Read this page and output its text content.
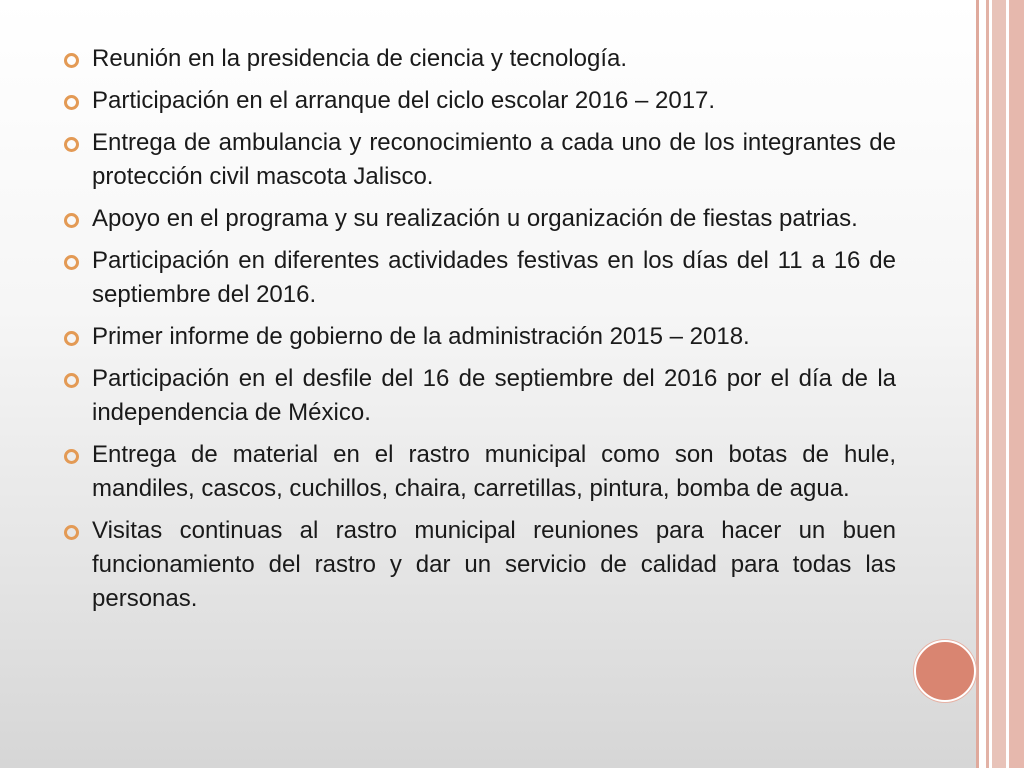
Reunión en la presidencia de ciencia y tecnología.
Participación en el arranque del ciclo escolar 2016 – 2017.
Entrega de ambulancia y reconocimiento a cada uno de los integrantes de protección civil mascota Jalisco.
Apoyo en el programa y su realización u organización de fiestas patrias.
Participación en diferentes actividades festivas en los días del 11 a 16 de septiembre del 2016.
Primer informe de gobierno de la administración 2015 – 2018.
Participación en el desfile del 16 de septiembre del 2016 por el día de la independencia de México.
Entrega de material en el rastro municipal como son botas de hule, mandiles, cascos, cuchillos, chaira, carretillas, pintura, bomba de agua.
Visitas continuas al rastro municipal reuniones para hacer un buen funcionamiento del rastro y dar un servicio de calidad para todas las personas.
